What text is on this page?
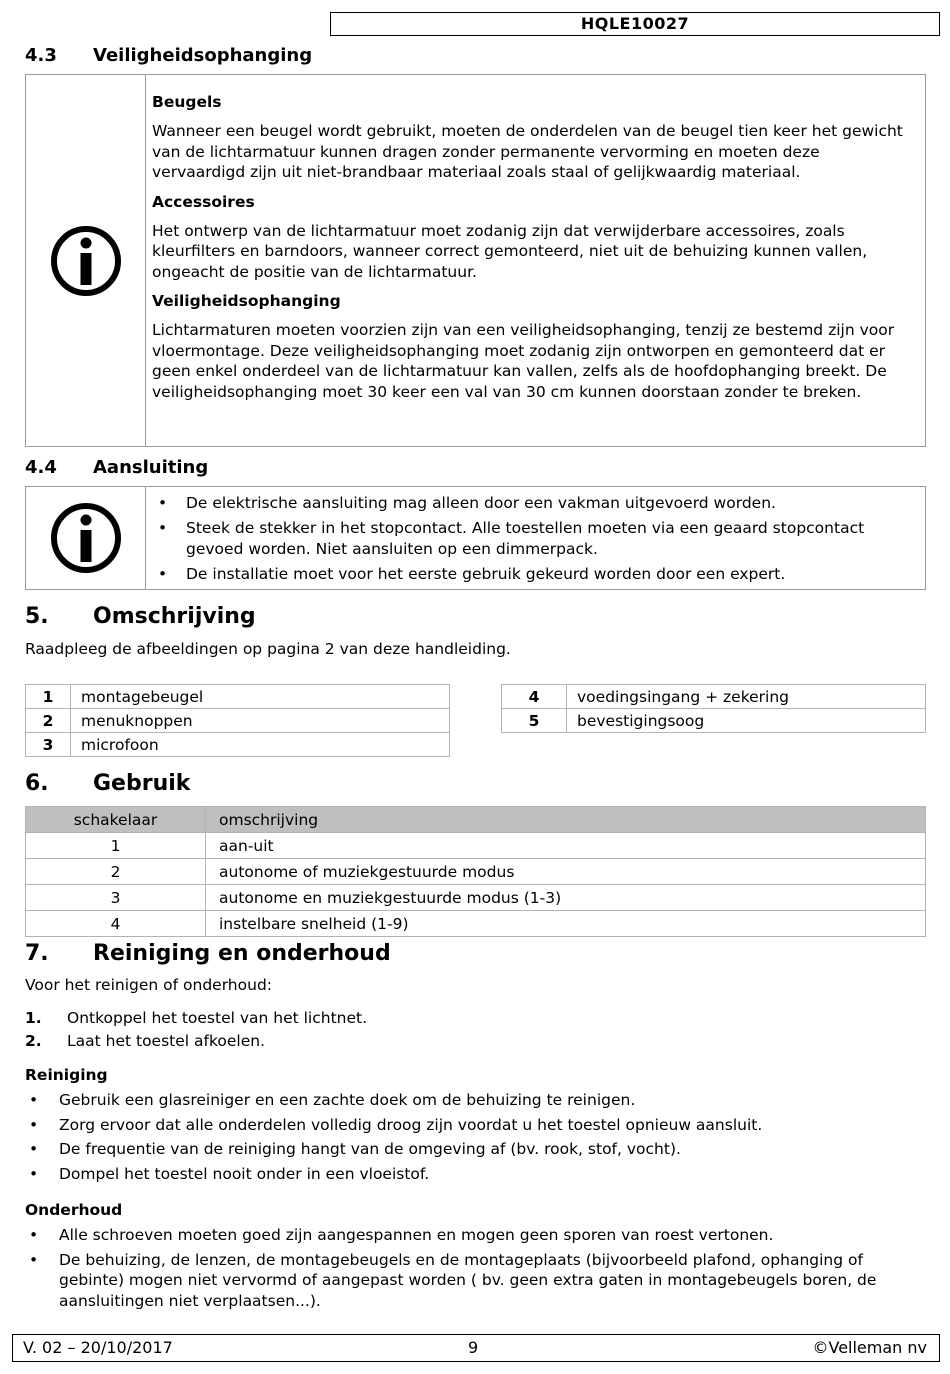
HQLE10027
4.3 Veiligheidsophanging
Beugels

Wanneer een beugel wordt gebruikt, moeten de onderdelen van de beugel tien keer het gewicht van de lichtarmatuur kunnen dragen zonder permanente vervorming en moeten deze vervaardigd zijn uit niet-brandbaar materiaal zoals staal of gelijkwaardig materiaal.

Accessoires

Het ontwerp van de lichtarmatuur moet zodanig zijn dat verwijderbare accessoires, zoals kleurfilters en barndoors, wanneer correct gemonteerd, niet uit de behuizing kunnen vallen, ongeacht de positie van de lichtarmatuur.

Veiligheidsophanging

Lichtarmaturen moeten voorzien zijn van een veiligheidsophanging, tenzij ze bestemd zijn voor vloermontage. Deze veiligheidsophanging moet zodanig zijn ontworpen en gemonteerd dat er geen enkel onderdeel van de lichtarmatuur kan vallen, zelfs als de hoofdophanging breekt. De veiligheidsophanging moet 30 keer een val van 30 cm kunnen doorstaan zonder te breken.

4.4 Aansluiting
• De elektrische aansluiting mag alleen door een vakman uitgevoerd worden.
• Steek de stekker in het stopcontact. Alle toestellen moeten via een geaard stopcontact gevoed worden. Niet aansluiten op een dimmerpack.
• De installatie moet voor het eerste gebruik gekeurd worden door een expert.
5. Omschrijving
Raadpleeg de afbeeldingen op pagina 2 van deze handleiding.
1	montagebeugel
2	menuknoppen
3	microfoon
4	voedingsingang + zekering
5	bevestigingsoog
6. Gebruik
schakelaar	omschrijving
1	aan-uit
2	autonome of muziekgestuurde modus
3	autonome en muziekgestuurde modus (1-3)
4	instelbare snelheid (1-9)
7. Reiniging en onderhoud
Voor het reinigen of onderhoud:
1. Ontkoppel het toestel van het lichtnet.
2. Laat het toestel afkoelen.
Reiniging
• Gebruik een glasreiniger en een zachte doek om de behuizing te reinigen.
• Zorg ervoor dat alle onderdelen volledig droog zijn voordat u het toestel opnieuw aansluit.
• De frequentie van de reiniging hangt van de omgeving af (bv. rook, stof, vocht).
• Dompel het toestel nooit onder in een vloeistof.
Onderhoud
• Alle schroeven moeten goed zijn aangespannen en mogen geen sporen van roest vertonen.
• De behuizing, de lenzen, de montagebeugels en de montageplaats (bijvoorbeeld plafond, ophanging of gebinte) mogen niet vervormd of aangepast worden ( bv. geen extra gaten in montagebeugels boren, de aansluitingen niet verplaatsen...).
V. 02 – 20/10/2017	9	©Velleman nv
